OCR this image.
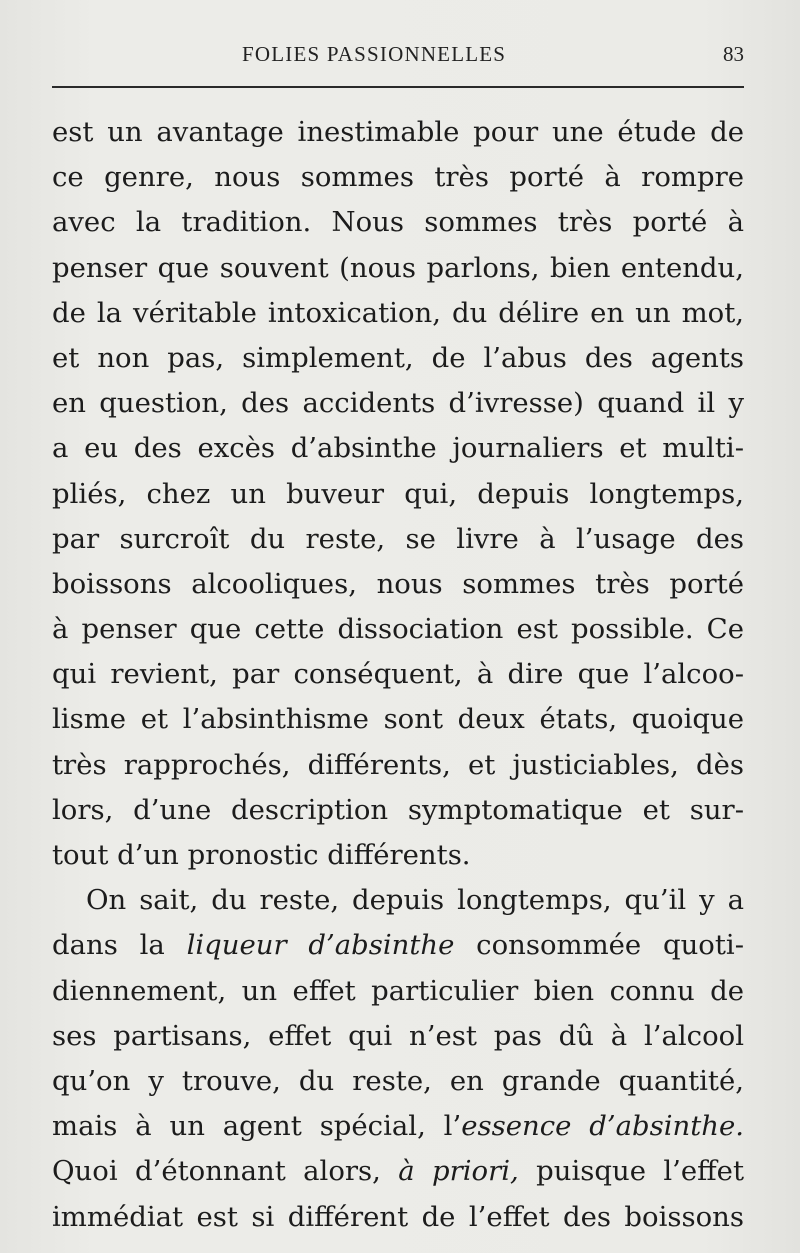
FOLIES PASSIONNELLES	83
est un avantage inestimable pour une étude de
ce genre, nous sommes très porté à rompre
avec la tradition. Nous sommes très porté à
penser que souvent (nous parlons, bien entendu,
de la véritable intoxication, du délire en un mot,
et non pas, simplement, de l’abus des agents
en question, des accidents d’ivresse) quand il y
a eu des excès d’absinthe journaliers et multi-
pliés, chez un buveur qui, depuis longtemps,
par surcroît du reste, se livre à l’usage des
boissons alcooliques, nous sommes très porté
à penser que cette dissociation est possible. Ce
qui revient, par conséquent, à dire que l’alcoo-
lisme et l’absinthisme sont deux états, quoique
très rapprochés, différents, et justiciables, dès
lors, d’une description symptomatique et sur-
tout d’un pronostic différents.
On sait, du reste, depuis longtemps, qu’il y a
dans la liqueur d’absinthe consommée quoti-
diennement, un effet particulier bien connu de
ses partisans, effet qui n’est pas dû à l’alcool
qu’on y trouve, du reste, en grande quantité,
mais à un agent spécial, l’essence d’absinthe.
Quoi d’étonnant alors, à priori, puisque l’effet
immédiat est si différent de l’effet des boissons
